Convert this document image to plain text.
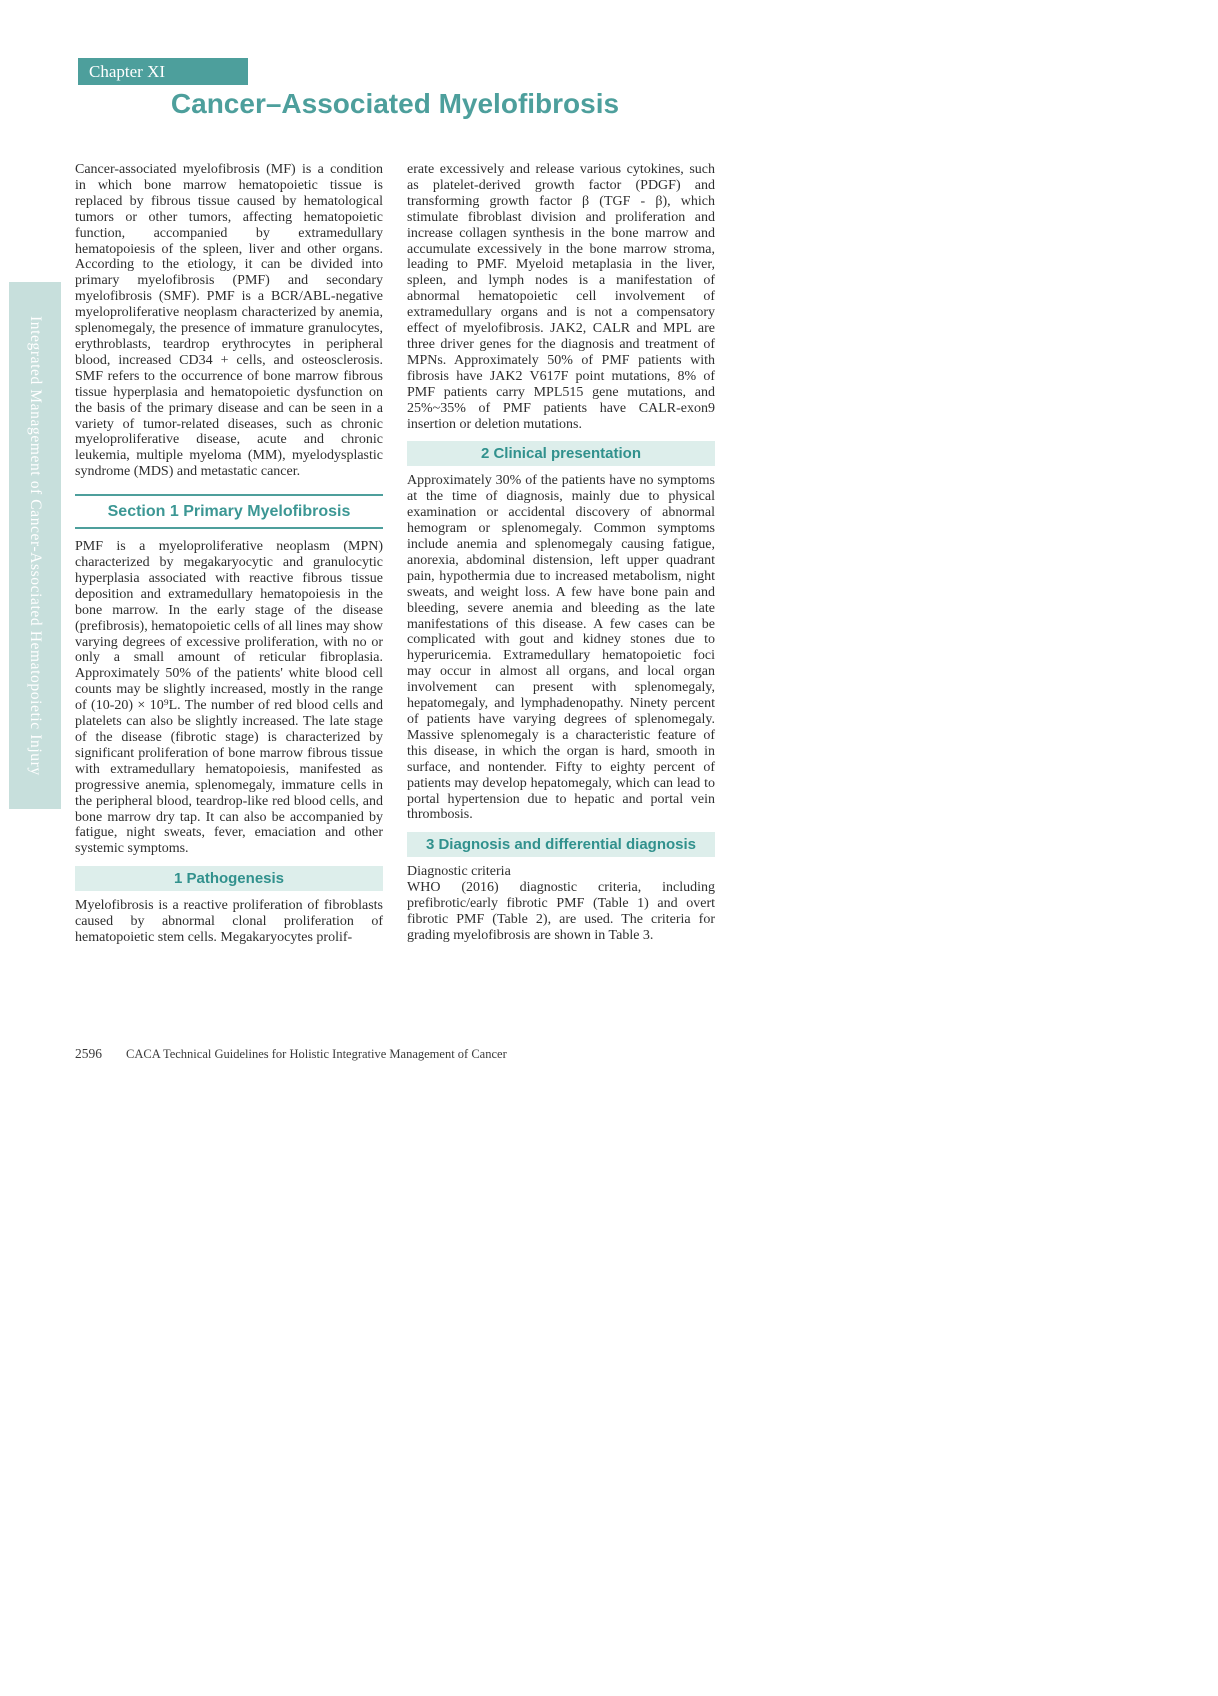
Integrated Management of Cancer-Associated Hematopoietic Injury
Chapter XI
Cancer–Associated Myelofibrosis

Cancer-associated myelofibrosis (MF) is a condition in which bone marrow hematopoietic tissue is replaced by fibrous tissue caused by hematological tumors or other tumors, affecting hematopoietic function, accompanied by extramedullary hematopoiesis of the spleen, liver and other organs. According to the etiology, it can be divided into primary myelofibrosis (PMF) and secondary myelofibrosis (SMF). PMF is a BCR/ABL-negative myeloproliferative neoplasm characterized by anemia, splenomegaly, the presence of immature granulocytes, erythroblasts, teardrop erythrocytes in peripheral blood, increased CD34 + cells, and osteosclerosis. SMF refers to the occurrence of bone marrow fibrous tissue hyperplasia and hematopoietic dysfunction on the basis of the primary disease and can be seen in a variety of tumor-related diseases, such as chronic myeloproliferative disease, acute and chronic leukemia, multiple myeloma (MM), myelodysplastic syndrome (MDS) and metastatic cancer.

Section 1 Primary Myelofibrosis

PMF is a myeloproliferative neoplasm (MPN) characterized by megakaryocytic and granulocytic hyperplasia associated with reactive fibrous tissue deposition and extramedullary hematopoiesis in the bone marrow. In the early stage of the disease (prefibrosis), hematopoietic cells of all lines may show varying degrees of excessive proliferation, with no or only a small amount of reticular fibroplasia. Approximately 50% of the patients' white blood cell counts may be slightly increased, mostly in the range of (10-20) × 10⁹L. The number of red blood cells and platelets can also be slightly increased. The late stage of the disease (fibrotic stage) is characterized by significant proliferation of bone marrow fibrous tissue with extramedullary hematopoiesis, manifested as progressive anemia, splenomegaly, immature cells in the peripheral blood, teardrop-like red blood cells, and bone marrow dry tap. It can also be accompanied by fatigue, night sweats, fever, emaciation and other systemic symptoms.

1 Pathogenesis

Myelofibrosis is a reactive proliferation of fibroblasts caused by abnormal clonal proliferation of hematopoietic stem cells. Megakaryocytes prolif-

erate excessively and release various cytokines, such as platelet-derived growth factor (PDGF) and transforming growth factor β (TGF - β), which stimulate fibroblast division and proliferation and increase collagen synthesis in the bone marrow and accumulate excessively in the bone marrow stroma, leading to PMF. Myeloid metaplasia in the liver, spleen, and lymph nodes is a manifestation of abnormal hematopoietic cell involvement of extramedullary organs and is not a compensatory effect of myelofibrosis. JAK2, CALR and MPL are three driver genes for the diagnosis and treatment of MPNs. Approximately 50% of PMF patients with fibrosis have JAK2 V617F point mutations, 8% of PMF patients carry MPL515 gene mutations, and 25%~35% of PMF patients have CALR-exon9 insertion or deletion mutations.

2 Clinical presentation

Approximately 30% of the patients have no symptoms at the time of diagnosis, mainly due to physical examination or accidental discovery of abnormal hemogram or splenomegaly. Common symptoms include anemia and splenomegaly causing fatigue, anorexia, abdominal distension, left upper quadrant pain, hypothermia due to increased metabolism, night sweats, and weight loss. A few have bone pain and bleeding, severe anemia and bleeding as the late manifestations of this disease. A few cases can be complicated with gout and kidney stones due to hyperuricemia. Extramedullary hematopoietic foci may occur in almost all organs, and local organ involvement can present with splenomegaly, hepatomegaly, and lymphadenopathy. Ninety percent of patients have varying degrees of splenomegaly. Massive splenomegaly is a characteristic feature of this disease, in which the organ is hard, smooth in surface, and nontender. Fifty to eighty percent of patients may develop hepatomegaly, which can lead to portal hypertension due to hepatic and portal vein thrombosis.

3 Diagnosis and differential diagnosis

Diagnostic criteria

WHO (2016) diagnostic criteria, including prefibrotic/early fibrotic PMF (Table 1) and overt fibrotic PMF (Table 2), are used. The criteria for grading myelofibrosis are shown in Table 3.

2596 CACA Technical Guidelines for Holistic Integrative Management of Cancer
